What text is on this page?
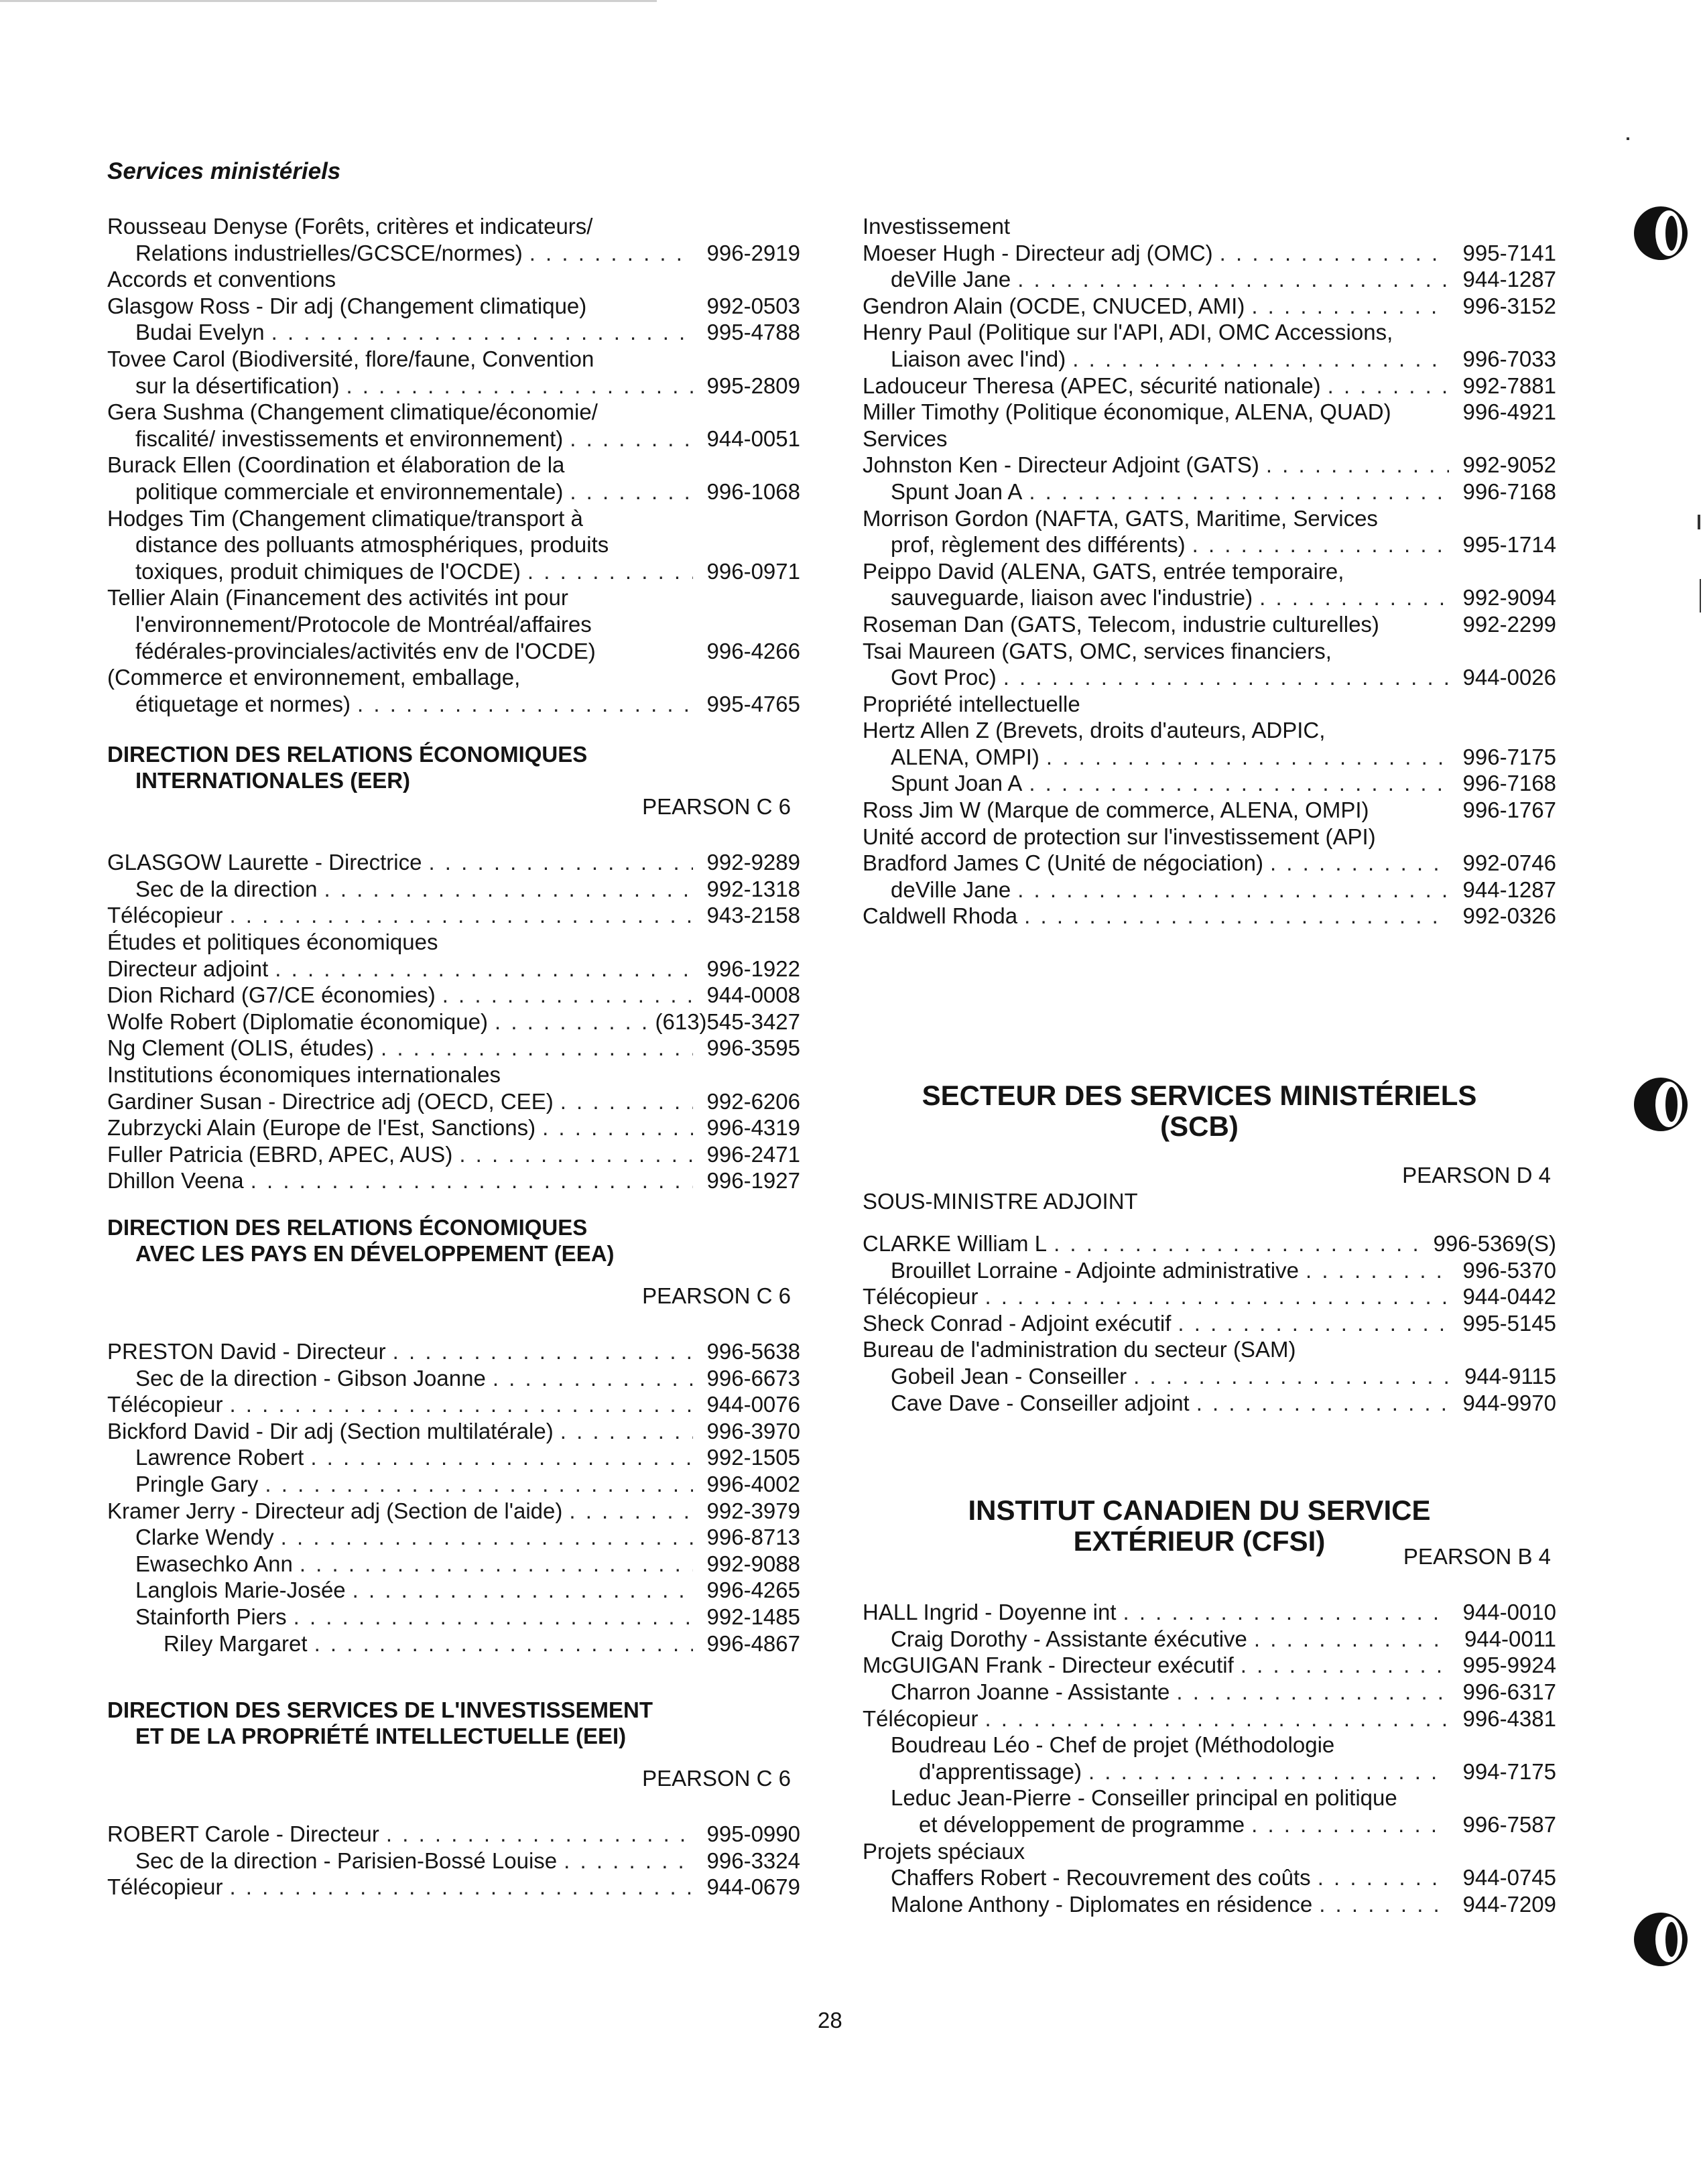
Services ministériels
Rousseau Denyse (Forêts, critères et indicateurs/
Relations industrielles/GCSCE/normes) . . .	996-2919
Accords et conventions
Glasgow Ross - Dir adj (Changement climatique)	992-0503
Budai Evelyn . . .	995-4788
Tovee Carol (Biodiversité, flore/faune, Convention
sur la désertification) . . .	995-2809
Gera Sushma (Changement climatique/économie/
fiscalité/ investissements et environnement) . . .	944-0051
Burack Ellen (Coordination et élaboration de la
politique commerciale et environnementale) . . .	996-1068
Hodges Tim (Changement climatique/transport à
distance des polluants atmosphériques, produits
toxiques, produit chimiques de l'OCDE) . . .	996-0971
Tellier Alain (Financement des activités int pour
l'environnement/Protocole de Montréal/affaires
fédérales-provinciales/activités env de l'OCDE)	996-4266
(Commerce et environnement, emballage,
étiquetage et normes) . . .	995-4765
DIRECTION DES RELATIONS ÉCONOMIQUES
INTERNATIONALES (EER)
PEARSON C 6
GLASGOW Laurette - Directrice . . .	992-9289
Sec de la direction . . .	992-1318
Télécopieur . . .	943-2158
Études et politiques économiques
Directeur adjoint . . .	996-1922
Dion Richard (G7/CE économies) . . .	944-0008
Wolfe Robert (Diplomatie économique) . . .	(613)545-3427
Ng Clement (OLIS, études) . . .	996-3595
Institutions économiques internationales
Gardiner Susan - Directrice adj (OECD, CEE) . . .	992-6206
Zubrzycki Alain (Europe de l'Est, Sanctions) . . .	996-4319
Fuller Patricia (EBRD, APEC, AUS) . . .	996-2471
Dhillon Veena . . .	996-1927
DIRECTION DES RELATIONS ÉCONOMIQUES
AVEC LES PAYS EN DÉVELOPPEMENT (EEA)
PEARSON C 6
PRESTON David - Directeur . . .	996-5638
Sec de la direction - Gibson Joanne . . .	996-6673
Télécopieur . . .	944-0076
Bickford David - Dir adj (Section multilatérale) . . .	996-3970
Lawrence Robert . . .	992-1505
Pringle Gary . . .	996-4002
Kramer Jerry - Directeur adj (Section de l'aide) . . .	992-3979
Clarke Wendy . . .	996-8713
Ewasechko Ann . . .	992-9088
Langlois Marie-Josée . . .	996-4265
Stainforth Piers . . .	992-1485
Riley Margaret . . .	996-4867
DIRECTION DES SERVICES DE L'INVESTISSEMENT
ET DE LA PROPRIÉTÉ INTELLECTUELLE (EEI)
PEARSON C 6
ROBERT Carole - Directeur . . .	995-0990
Sec de la direction - Parisien-Bossé Louise . . .	996-3324
Télécopieur . . .	944-0679
Investissement
Moeser Hugh - Directeur adj (OMC) . . .	995-7141
deVille Jane . . .	944-1287
Gendron Alain (OCDE, CNUCED, AMI) . . .	996-3152
Henry Paul (Politique sur l'API, ADI, OMC Accessions,
Liaison avec l'ind) . . .	996-7033
Ladouceur Theresa (APEC, sécurité nationale) . . .	992-7881
Miller Timothy (Politique économique, ALENA, QUAD)	996-4921
Services
Johnston Ken - Directeur Adjoint (GATS) . . .	992-9052
Spunt Joan A . . .	996-7168
Morrison Gordon (NAFTA, GATS, Maritime, Services
prof, règlement des différents) . . .	995-1714
Peippo David (ALENA, GATS, entrée temporaire,
sauveguarde, liaison avec l'industrie) . . .	992-9094
Roseman Dan (GATS, Telecom, industrie culturelles)	992-2299
Tsai Maureen (GATS, OMC, services financiers,
Govt Proc) . . .	944-0026
Propriété intellectuelle
Hertz Allen Z (Brevets, droits d'auteurs, ADPIC,
ALENA, OMPI) . . .	996-7175
Spunt Joan A . . .	996-7168
Ross Jim W (Marque de commerce, ALENA, OMPI)	996-1767
Unité accord de protection sur l'investissement (API)
Bradford James C (Unité de négociation) . . .	992-0746
deVille Jane . . .	944-1287
Caldwell Rhoda . . .	992-0326
SECTEUR DES SERVICES MINISTÉRIELS
(SCB)
PEARSON D 4
SOUS-MINISTRE ADJOINT
CLARKE William L . . .	996-5369(S)
Brouillet Lorraine - Adjointe administrative . . .	996-5370
Télécopieur . . .	944-0442
Sheck Conrad - Adjoint exécutif . . .	995-5145
Bureau de l'administration du secteur (SAM)
Gobeil Jean - Conseiller . . .	944-9115
Cave Dave - Conseiller adjoint . . .	944-9970
INSTITUT CANADIEN DU SERVICE
EXTÉRIEUR (CFSI)	PEARSON B 4
HALL Ingrid - Doyenne int . . .	944-0010
Craig Dorothy - Assistante éxécutive . . .	944-0011
McGUIGAN Frank - Directeur exécutif . . .	995-9924
Charron Joanne - Assistante . . .	996-6317
Télécopieur . . .	996-4381
Boudreau Léo - Chef de projet (Méthodologie
d'apprentissage) . . .	994-7175
Leduc Jean-Pierre - Conseiller principal en politique
et développement de programme . . .	996-7587
Projets spéciaux
Chaffers Robert - Recouvrement des coûts . . .	944-0745
Malone Anthony - Diplomates en résidence . . .	944-7209
28
